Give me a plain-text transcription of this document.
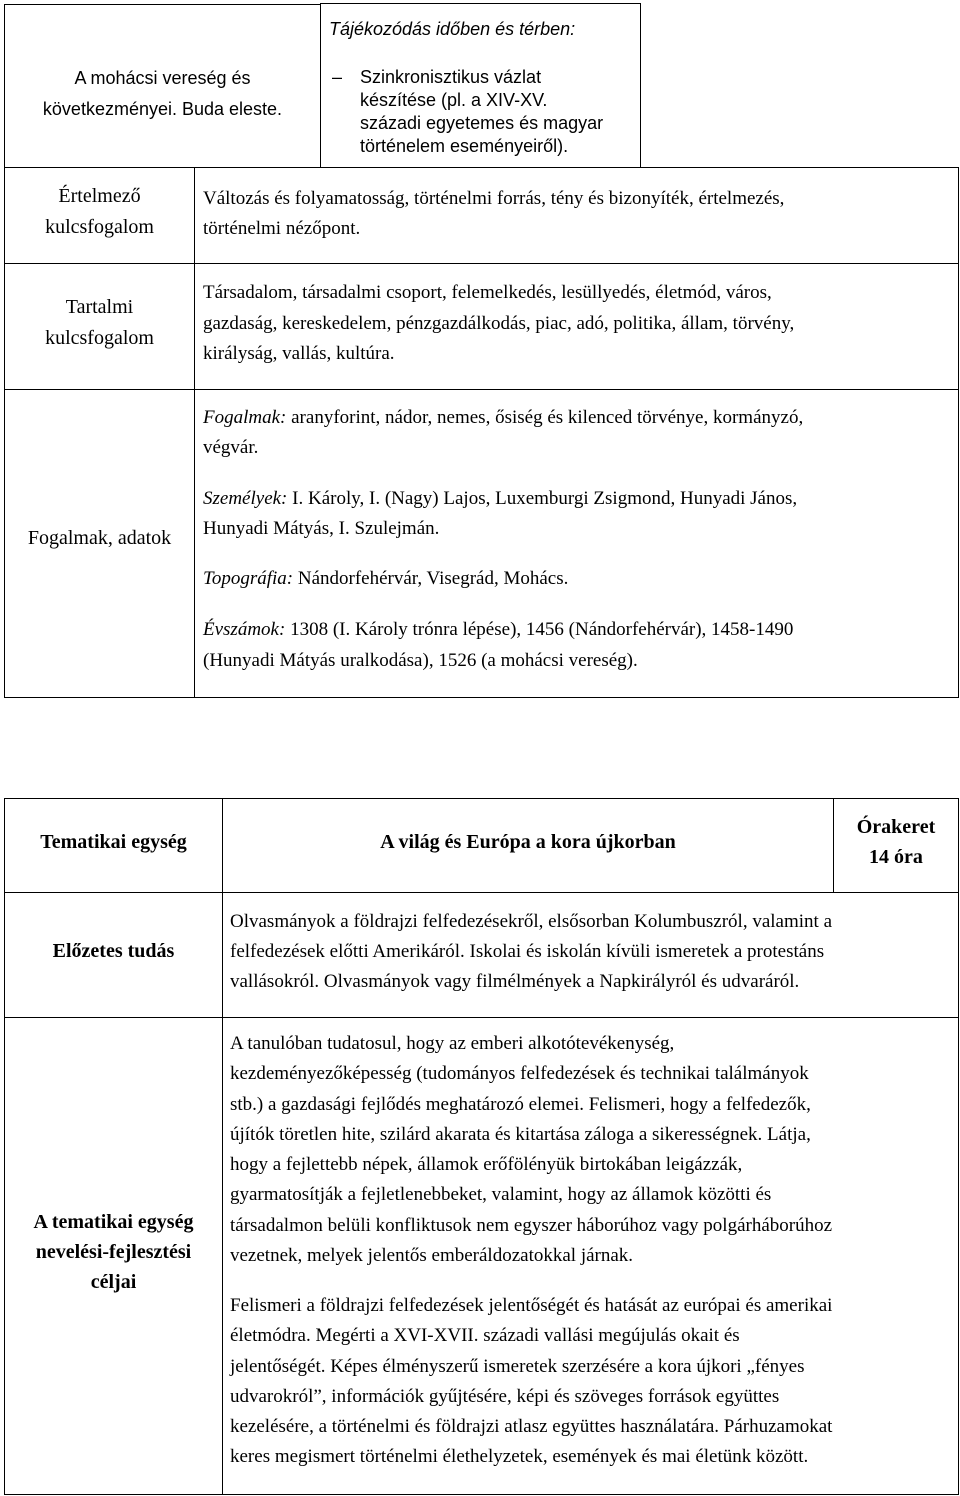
A mohácsi vereség és
következményei. Buda eleste.
Tájékozódás időben és térben:
– Szinkronisztikus vázlat
készítése (pl. a XIV-XV.
századi egyetemes és magyar
történelem eseményeiről).
Értelmező
kulcsfogalom
Változás és folyamatosság, történelmi forrás, tény és bizonyíték, értelmezés,
történelmi nézőpont.
Tartalmi
kulcsfogalom
Társadalom, társadalmi csoport, felemelkedés, lesüllyedés, életmód, város,
gazdaság, kereskedelem, pénzgazdálkodás, piac, adó, politika, állam, törvény,
királyság, vallás, kultúra.
Fogalmak, adatok
Fogalmak: aranyforint, nádor, nemes, ősiség és kilenced törvénye, kormányzó,
végvár.
Személyek: I. Károly, I. (Nagy) Lajos, Luxemburgi Zsigmond, Hunyadi János,
Hunyadi Mátyás, I. Szulejmán.
Topográfia: Nándorfehérvár, Visegrád, Mohács.
Évszámok: 1308 (I. Károly trónra lépése), 1456 (Nándorfehérvár), 1458-1490
(Hunyadi Mátyás uralkodása), 1526 (a mohácsi vereség).
Tematikai egység	A világ és Európa a kora újkorban
Órakeret
14 óra
Előzetes tudás
Olvasmányok a földrajzi felfedezésekről, elsősorban Kolumbuszról, valamint a
felfedezések előtti Amerikáról. Iskolai és iskolán kívüli ismeretek a protestáns
vallásokról. Olvasmányok vagy filmélmények a Napkirályról és udvaráról.
A tematikai egység
nevelési-fejlesztési
céljai
A tanulóban tudatosul, hogy az emberi alkotótevékenység,
kezdeményezőképesség (tudományos felfedezések és technikai találmányok
stb.) a gazdasági fejlődés meghatározó elemei. Felismeri, hogy a felfedezők,
újítók töretlen hite, szilárd akarata és kitartása záloga a sikerességnek. Látja,
hogy a fejlettebb népek, államok erőfölényük birtokában leigázzák,
gyarmatosítják a fejletlenebbeket, valamint, hogy az államok közötti és
társadalmon belüli konfliktusok nem egyszer háborúhoz vagy polgárháborúhoz
vezetnek, melyek jelentős emberáldozatokkal járnak.
Felismeri a földrajzi felfedezések jelentőségét és hatását az európai és amerikai
életmódra. Megérti a XVI-XVII. századi vallási megújulás okait és
jelentőségét. Képes élményszerű ismeretek szerzésére a kora újkori „fényes
udvarokról”, információk gyűjtésére, képi és szöveges források együttes
kezelésére, a történelmi és földrajzi atlasz együttes használatára. Párhuzamokat
keres megismert történelmi élethelyzetek, események és mai életünk között.
